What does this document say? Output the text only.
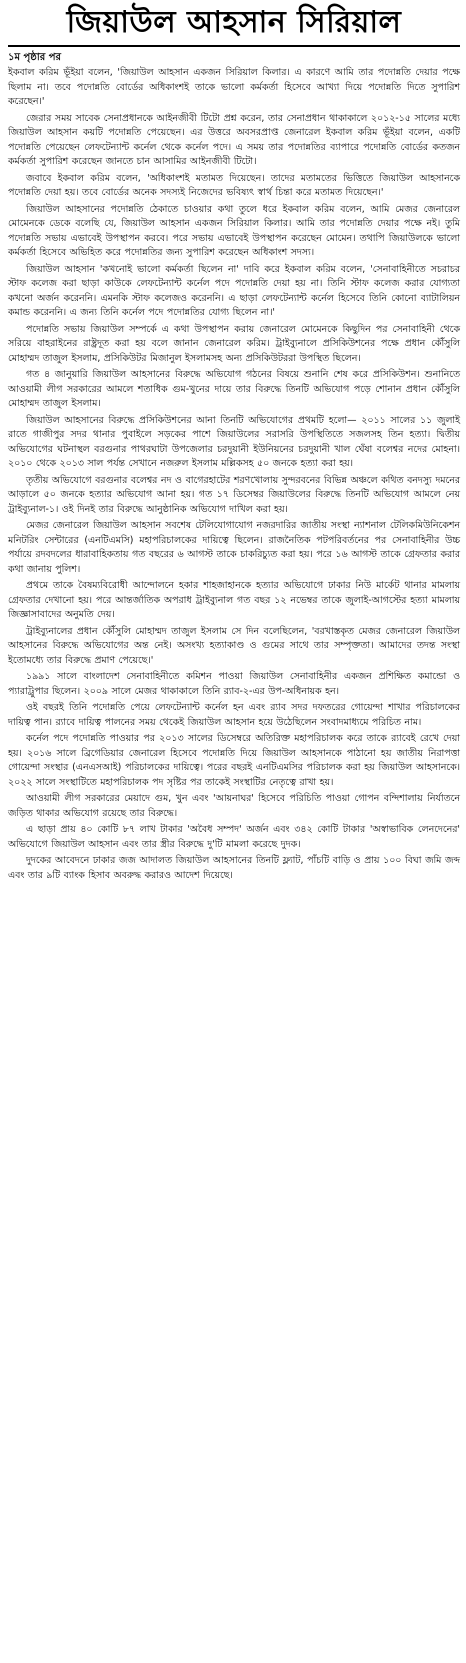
জিয়াউল আহসান সিরিয়াল
১ম পৃষ্ঠার পর

ইকবাল করিম ভূঁইয়া বলেন, 'জিয়াউল আহসান একজন সিরিয়াল কিলার। এ কারণে আমি তার পদোন্নতি দেয়ার পক্ষে ছিলাম না। তবে পদোন্নতি বোর্ডের অধিকাংশই তাকে ভালো কর্মকর্তা হিসেবে আখ্যা দিয়ে পদোন্নতি দিতে সুপারিশ করেছেন।'

জেরার সময় সাবেক সেনাপ্রধানকে আইনজীবী টিটো প্রশ্ন করেন, তার সেনাপ্রধান থাকাকালে ২০১২-১৫ সালের মধ্যে জিয়াউল আহসান কয়টি পদোন্নতি পেয়েছেন। এর উত্তরে অবসরপ্রাপ্ত জেনারেল ইকবাল করিম ভূঁইয়া বলেন, একটি পদোন্নতি পেয়েছেন লেফটেন্যান্ট কর্নেল থেকে কর্নেল পদে। এ সময় তার পদোন্নতির ব্যাপারে পদোন্নতি বোর্ডের কতজন কর্মকর্তা সুপারিশ করেছেন জানতে চান আসামির আইনজীবী টিটো।

জবাবে ইকবাল করিম বলেন, 'অধিকাংশই মতামত দিয়েছেন। তাদের মতামতের ভিত্তিতে জিয়াউল আহসানকে পদোন্নতি দেয়া হয়। তবে বোর্ডের অনেক সদস্যই নিজেদের ভবিষ্যৎ স্বার্থ চিন্তা করে মতামত দিয়েছেন।'

জিয়াউল আহসানের পদোন্নতি ঠেকাতে চাওয়ার কথা তুলে ধরে ইকবাল করিম বলেন, আমি মেজর জেনারেল মোমেনকে ডেকে বলেছি যে, জিয়াউল আহসান একজন সিরিয়াল কিলার। আমি তার পদোন্নতি দেয়ার পক্ষে নই। তুমি পদোন্নতি সভায় এভাবেই উপস্থাপন করবে। পরে সভায় এভাবেই উপস্থাপন করেছেন মোমেন। তথাপি জিয়াউলকে ভালো কর্মকর্তা হিসেবে অভিহিত করে পদোন্নতির জন্য সুপারিশ করেছেন অধিকাংশ সদস্য।

জিয়াউল আহসান 'কখনোই ভালো কর্মকর্তা ছিলেন না' দাবি করে ইকবাল করিম বলেন, 'সেনাবাহিনীতে সচরাচর স্টাফ কলেজ করা ছাড়া কাউকে লেফটেন্যান্ট কর্নেল পদে পদোন্নতি দেয়া হয় না। তিনি স্টাফ কলেজ করার যোগ্যতা কখনো অর্জন করেননি। এমনকি স্টাফ কলেজও করেননি। এ ছাড়া লেফটেন্যান্ট কর্নেল হিসেবে তিনি কোনো ব্যাটালিয়ন কমান্ড করেননি। এ জন্য তিনি কর্নেল পদে পদোন্নতির যোগ্য ছিলেন না।'

পদোন্নতি সভায় জিয়াউল সম্পর্কে এ কথা উপস্থাপন করায় জেনারেল মোমেনকে কিছুদিন পর সেনাবাহিনী থেকে সরিয়ে বাহরাইনের রাষ্ট্রদূত করা হয় বলে জানান জেনারেল করিম। ট্রাইব্যুনালে প্রসিকিউশনের পক্ষে প্রধান কৌঁসুলি মোহাম্মদ তাজুল ইসলাম, প্রসিকিউটর মিজানুল ইসলামসহ অন্য প্রসিকিউটররা উপস্থিত ছিলেন।

গত ৪ জানুয়ারি জিয়াউল আহসানের বিরুদ্ধে অভিযোগ গঠনের বিষয়ে শুনানি শেষ করে প্রসিকিউশন। শুনানিতে আওয়ামী লীগ সরকারের আমলে শতাধিক গুম-খুনের দায়ে তার বিরুদ্ধে তিনটি অভিযোগ পড়ে শোনান প্রধান কৌঁসুলি মোহাম্মদ তাজুল ইসলাম।

জিয়াউল আহসানের বিরুদ্ধে প্রসিকিউশনের আনা তিনটি অভিযোগের প্রথমটি হলো— ২০১১ সালের ১১ জুলাই রাতে গাজীপুর সদর থানার পুবাইলে সড়কের পাশে জিয়াউলের সরাসরি উপস্থিতিতে সজলসহ তিন হত্যা। দ্বিতীয় অভিযোগের ঘটনাস্থল বরগুনার পাথরঘাটা উপজেলার চরদুয়ানী ইউনিয়নের চরদুয়ানী খাল ঘেঁষা বলেশ্বর নদের মোহনা। ২০১০ থেকে ২০১৩ সাল পর্যন্ত সেখানে নজরুল ইসলাম মল্লিকসহ ৫০ জনকে হত্যা করা হয়।

তৃতীয় অভিযোগে বরগুনার বলেশ্বর নদ ও বাগেরহাটের শরণখোলায় সুন্দরবনের বিভিন্ন অঞ্চলে কথিত বনদস্যু দমনের আড়ালে ৫০ জনকে হত্যার অভিযোগ আনা হয়। গত ১৭ ডিসেম্বর জিয়াউলের বিরুদ্ধে তিনটি অভিযোগ আমলে নেয় ট্রাইব্যুনাল-১। ওই দিনই তার বিরুদ্ধে আনুষ্ঠানিক অভিযোগ দাখিল করা হয়।

মেজর জেনারেল জিয়াউল আহসান সবশেষ টেলিযোগাযোগ নজরদারির জাতীয় সংস্থা ন্যাশনাল টেলিকমিউনিকেশন মনিটরিং সেন্টারের (এনটিএমসি) মহাপরিচালকের দায়িত্বে ছিলেন। রাজনৈতিক পটপরিবর্তনের পর সেনাবাহিনীর উচ্চ পর্যায়ে রদবদলের ধারাবাহিকতায় গত বছরের ৬ আগস্ট তাকে চাকরিচ্যুত করা হয়। পরে ১৬ আগস্ট তাকে গ্রেফতার করার কথা জানায় পুলিশ।

প্রথমে তাকে বৈষম্যবিরোধী আন্দোলনে হকার শাহজাহানকে হত্যার অভিযোগে ঢাকার নিউ মার্কেট থানার মামলায় গ্রেফতার দেখানো হয়। পরে আন্তর্জাতিক অপরাধ ট্রাইব্যুনাল গত বছর ১২ নভেম্বর তাকে জুলাই-আগস্টের হত্যা মামলায় জিজ্ঞাসাবাদের অনুমতি দেয়।

ট্রাইব্যুনালের প্রধান কৌঁসুলি মোহাম্মদ তাজুল ইসলাম সে দিন বলেছিলেন, 'বরখাস্তকৃত মেজর জেনারেল জিয়াউল আহসানের বিরুদ্ধে অভিযোগের অন্ত নেই। অসংখ্য হত্যাকাণ্ড ও গুমের সাথে তার সম্পৃক্ততা। আমাদের তদন্ত সংস্থা ইতোমধ্যে তার বিরুদ্ধে প্রমাণ পেয়েছে।'

১৯৯১ সালে বাংলাদেশ সেনাবাহিনীতে কমিশন পাওয়া জিয়াউল সেনাবাহিনীর একজন প্রশিক্ষিত কমান্ডো ও প্যারাট্রুপার ছিলেন। ২০০৯ সালে মেজর থাকাকালে তিনি র‍্যাব-২-এর উপ-অধিনায়ক হন।

ওই বছরই তিনি পদোন্নতি পেয়ে লেফটেন্যান্ট কর্নেল হন এবং র‍্যাব সদর দফতরের গোয়েন্দা শাখার পরিচালকের দায়িত্ব পান। র‍্যাবে দায়িত্ব পালনের সময় থেকেই জিয়াউল আহসান হয়ে উঠেছিলেন সংবাদমাধ্যমে পরিচিত নাম।

কর্নেল পদে পদোন্নতি পাওয়ার পর ২০১৩ সালের ডিসেম্বরে অতিরিক্ত মহাপরিচালক করে তাকে র‍্যাবেই রেখে দেয়া হয়। ২০১৬ সালে ব্রিগেডিয়ার জেনারেল হিসেবে পদোন্নতি দিয়ে জিয়াউল আহসানকে পাঠানো হয় জাতীয় নিরাপত্তা গোয়েন্দা সংস্থার (এনএসআই) পরিচালকের দায়িত্বে। পরের বছরই এনটিএমসির পরিচালক করা হয় জিয়াউল আহসানকে। ২০২২ সালে সংস্থাটিতে মহাপরিচালক পদ সৃষ্টির পর তাকেই সংস্থাটির নেতৃত্বে রাখা হয়।

আওয়ামী লীগ সরকারের মেয়াদে গুম, খুন এবং 'আয়নাঘর' হিসেবে পরিচিতি পাওয়া গোপন বন্দিশালায় নির্যাতনে জড়িত থাকার অভিযোগ রয়েছে তার বিরুদ্ধে।

এ ছাড়া প্রায় ৪০ কোটি ৮৭ লাখ টাকার 'অবৈধ সম্পদ' অর্জন এবং ৩৪২ কোটি টাকার 'অস্বাভাবিক লেনদেনের' অভিযোগে জিয়াউল আহসান এবং তার স্ত্রীর বিরুদ্ধে দু'টি মামলা করেছে দুদক।

দুদকের আবেদনে ঢাকার জজ আদালত জিয়াউল আহসানের তিনটি ফ্ল্যাট, পাঁচটি বাড়ি ও প্রায় ১০০ বিঘা জমি জব্দ এবং তার ৯টি ব্যাংক হিসাব অবরুদ্ধ করারও আদেশ দিয়েছে।
